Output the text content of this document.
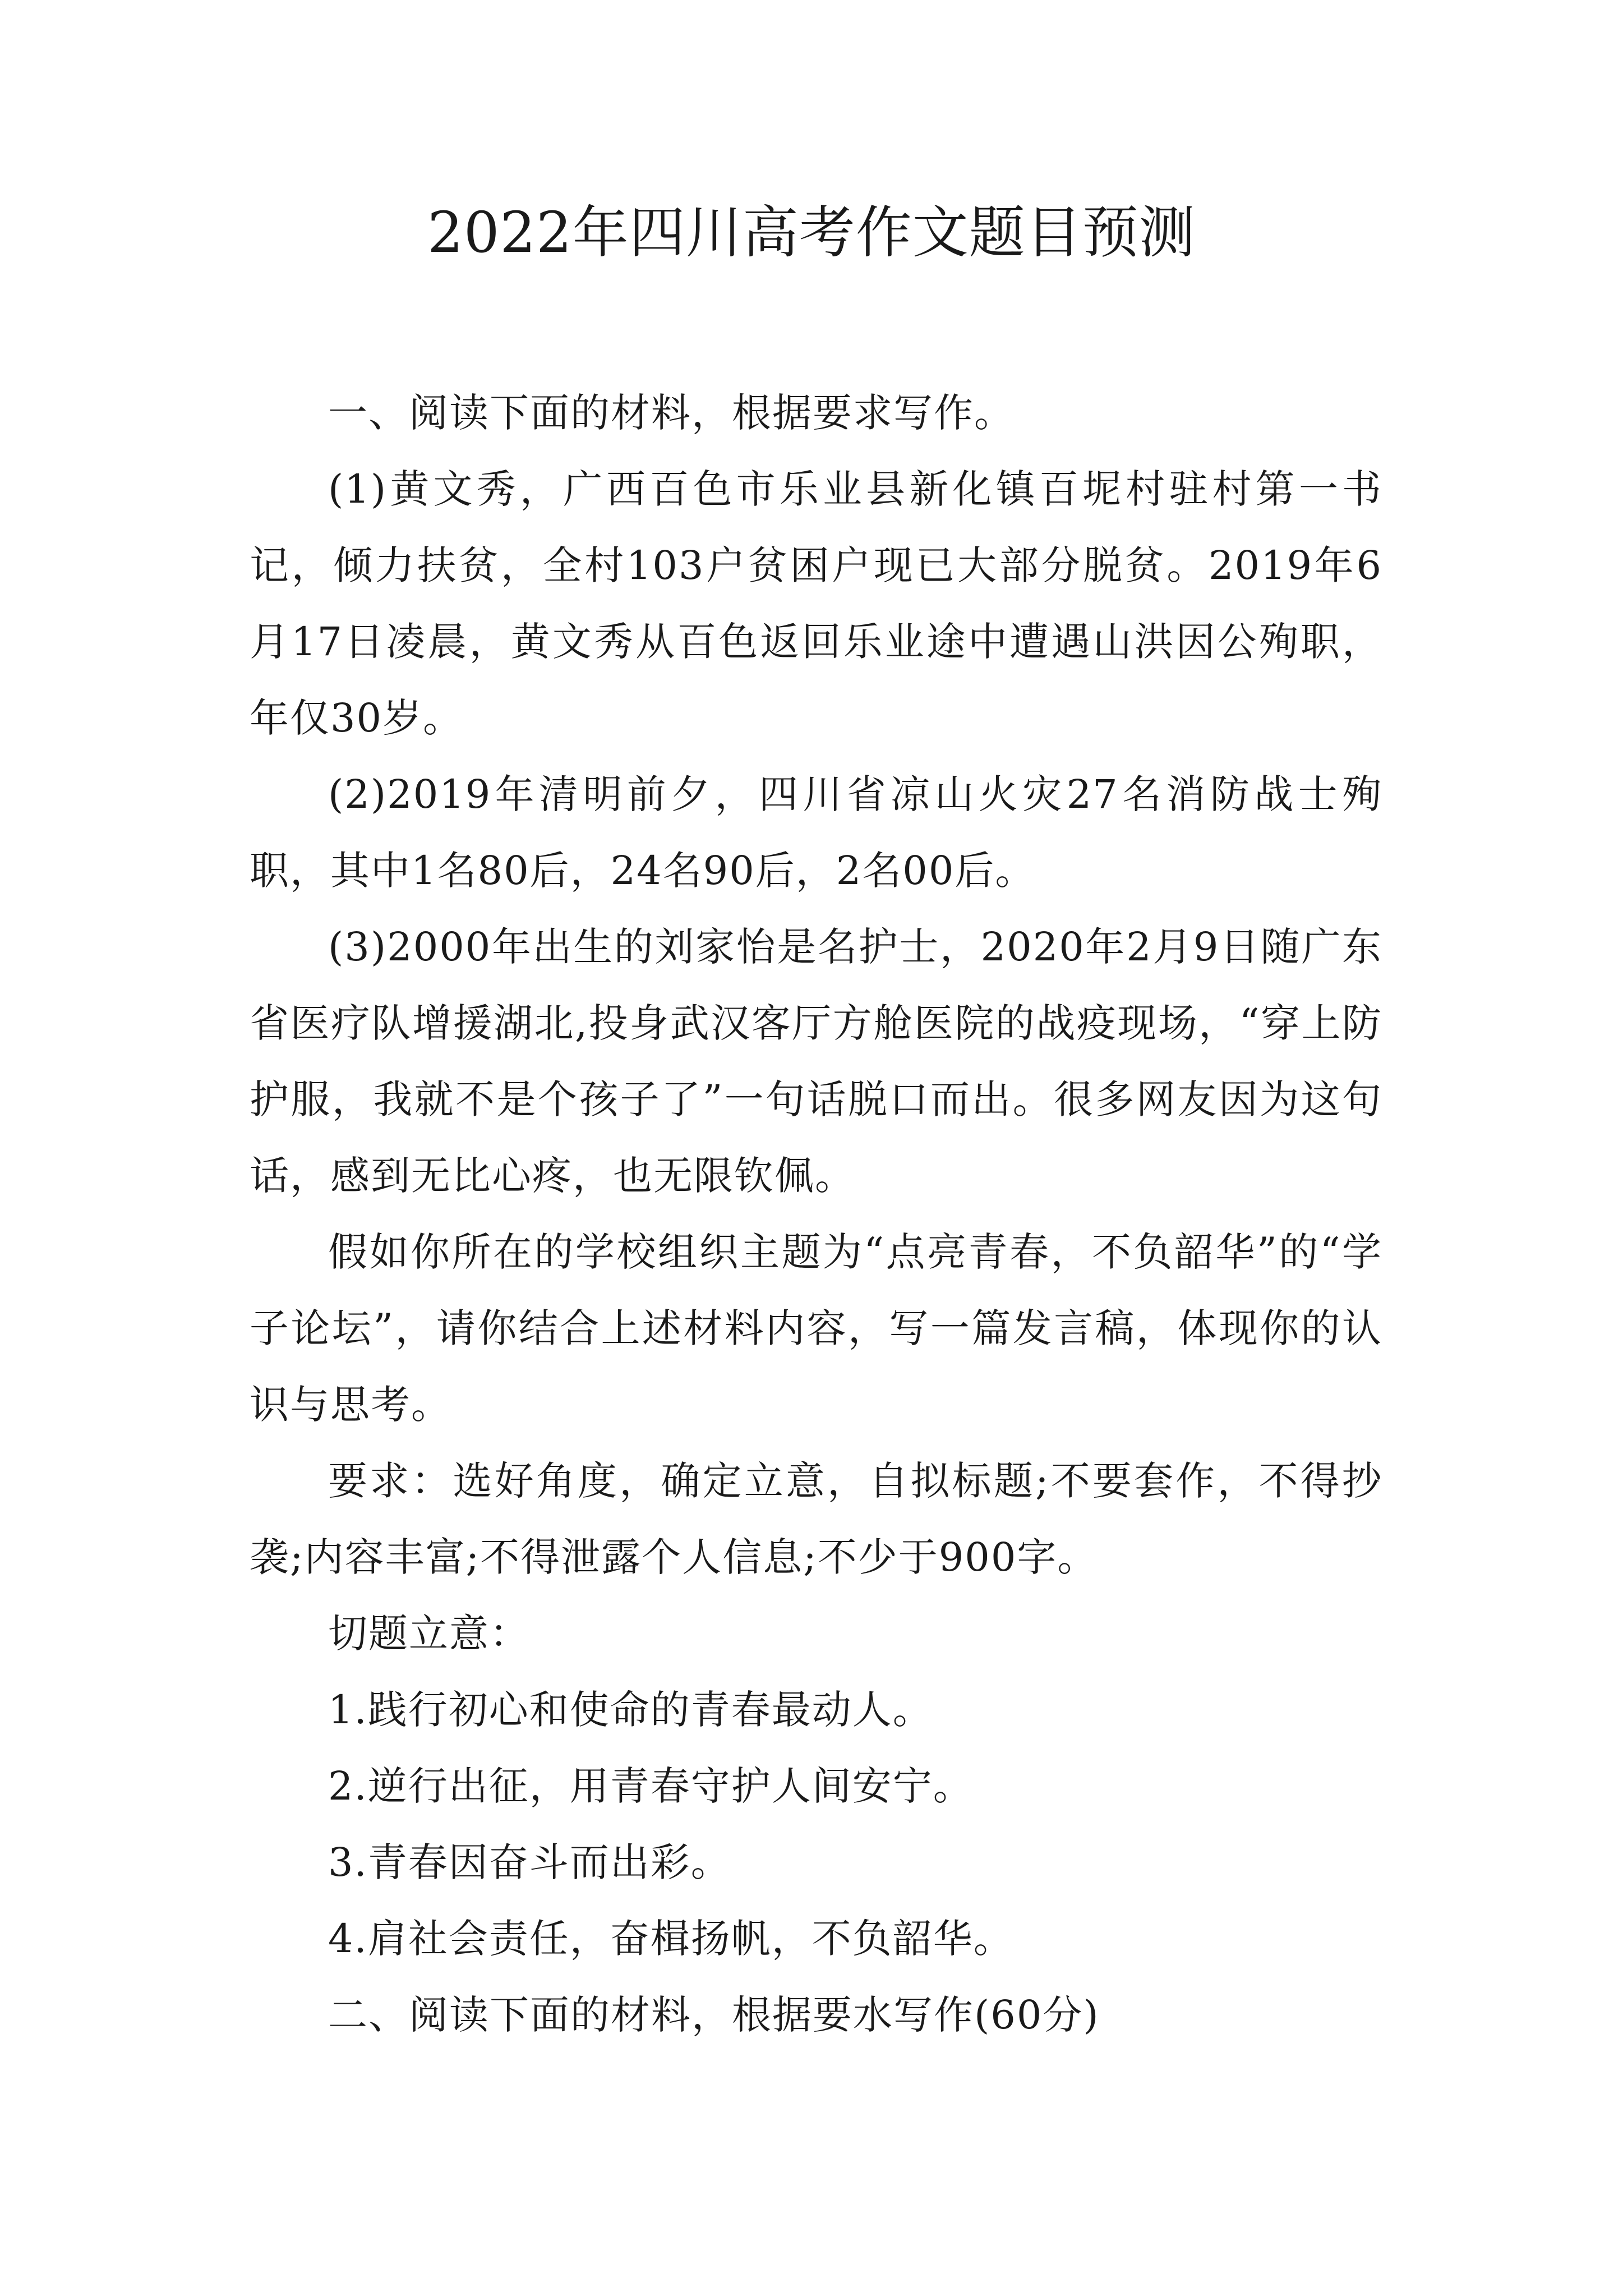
2022年四川高考作文题目预测

一、阅读下面的材料，根据要求写作。

(1)黄文秀，广西百色市乐业县新化镇百坭村驻村第一书记，倾力扶贫，全村103户贫困户现已大部分脱贫。2019年6月17日凌晨，黄文秀从百色返回乐业途中遭遇山洪因公殉职，年仅30岁。

(2)2019年清明前夕，四川省凉山火灾27名消防战士殉职，其中1名80后，24名90后，2名00后。

(3)2000年出生的刘家怡是名护士，2020年2月9日随广东省医疗队增援湖北,投身武汉客厅方舱医院的战疫现场，“穿上防护服，我就不是个孩子了”一句话脱口而出。很多网友因为这句话，感到无比心疼，也无限钦佩。

假如你所在的学校组织主题为“点亮青春，不负韶华”的“学子论坛”，请你结合上述材料内容，写一篇发言稿，体现你的认识与思考。

要求：选好角度，确定立意，自拟标题;不要套作，不得抄袭;内容丰富;不得泄露个人信息;不少于900字。

切题立意：

1.践行初心和使命的青春最动人。

2.逆行出征，用青春守护人间安宁。

3.青春因奋斗而出彩。

4.肩社会责任，奋楫扬帆，不负韶华。

二、阅读下面的材料，根据要水写作(60分)
